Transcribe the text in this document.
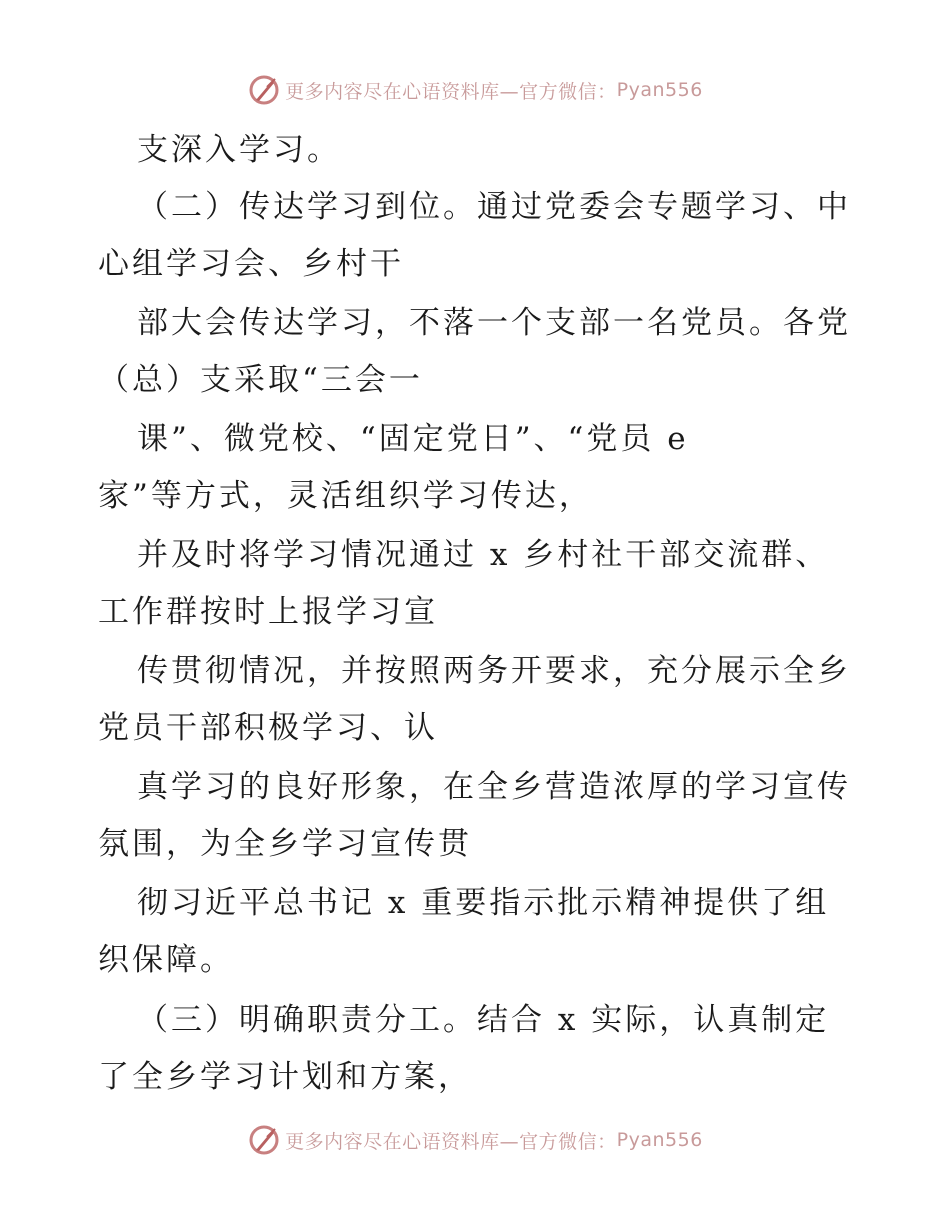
更多内容尽在心语资料库—官方微信： Pyan556
支深入学习。
（二）传达学习到位。通过党委会专题学习、中
心组学习会、乡村干
部大会传达学习，不落一个支部一名党员。各党
（总）支采取“三会一
课”、微党校、“固定党日”、“党员 e
家”等方式，灵活组织学习传达，
并及时将学习情况通过 x 乡村社干部交流群、
工作群按时上报学习宣
传贯彻情况，并按照两务开要求，充分展示全乡
党员干部积极学习、认
真学习的良好形象，在全乡营造浓厚的学习宣传
氛围，为全乡学习宣传贯
彻习近平总书记 x 重要指示批示精神提供了组
织保障。
（三）明确职责分工。结合 x 实际，认真制定
了全乡学习计划和方案，
更多内容尽在心语资料库—官方微信： Pyan556
